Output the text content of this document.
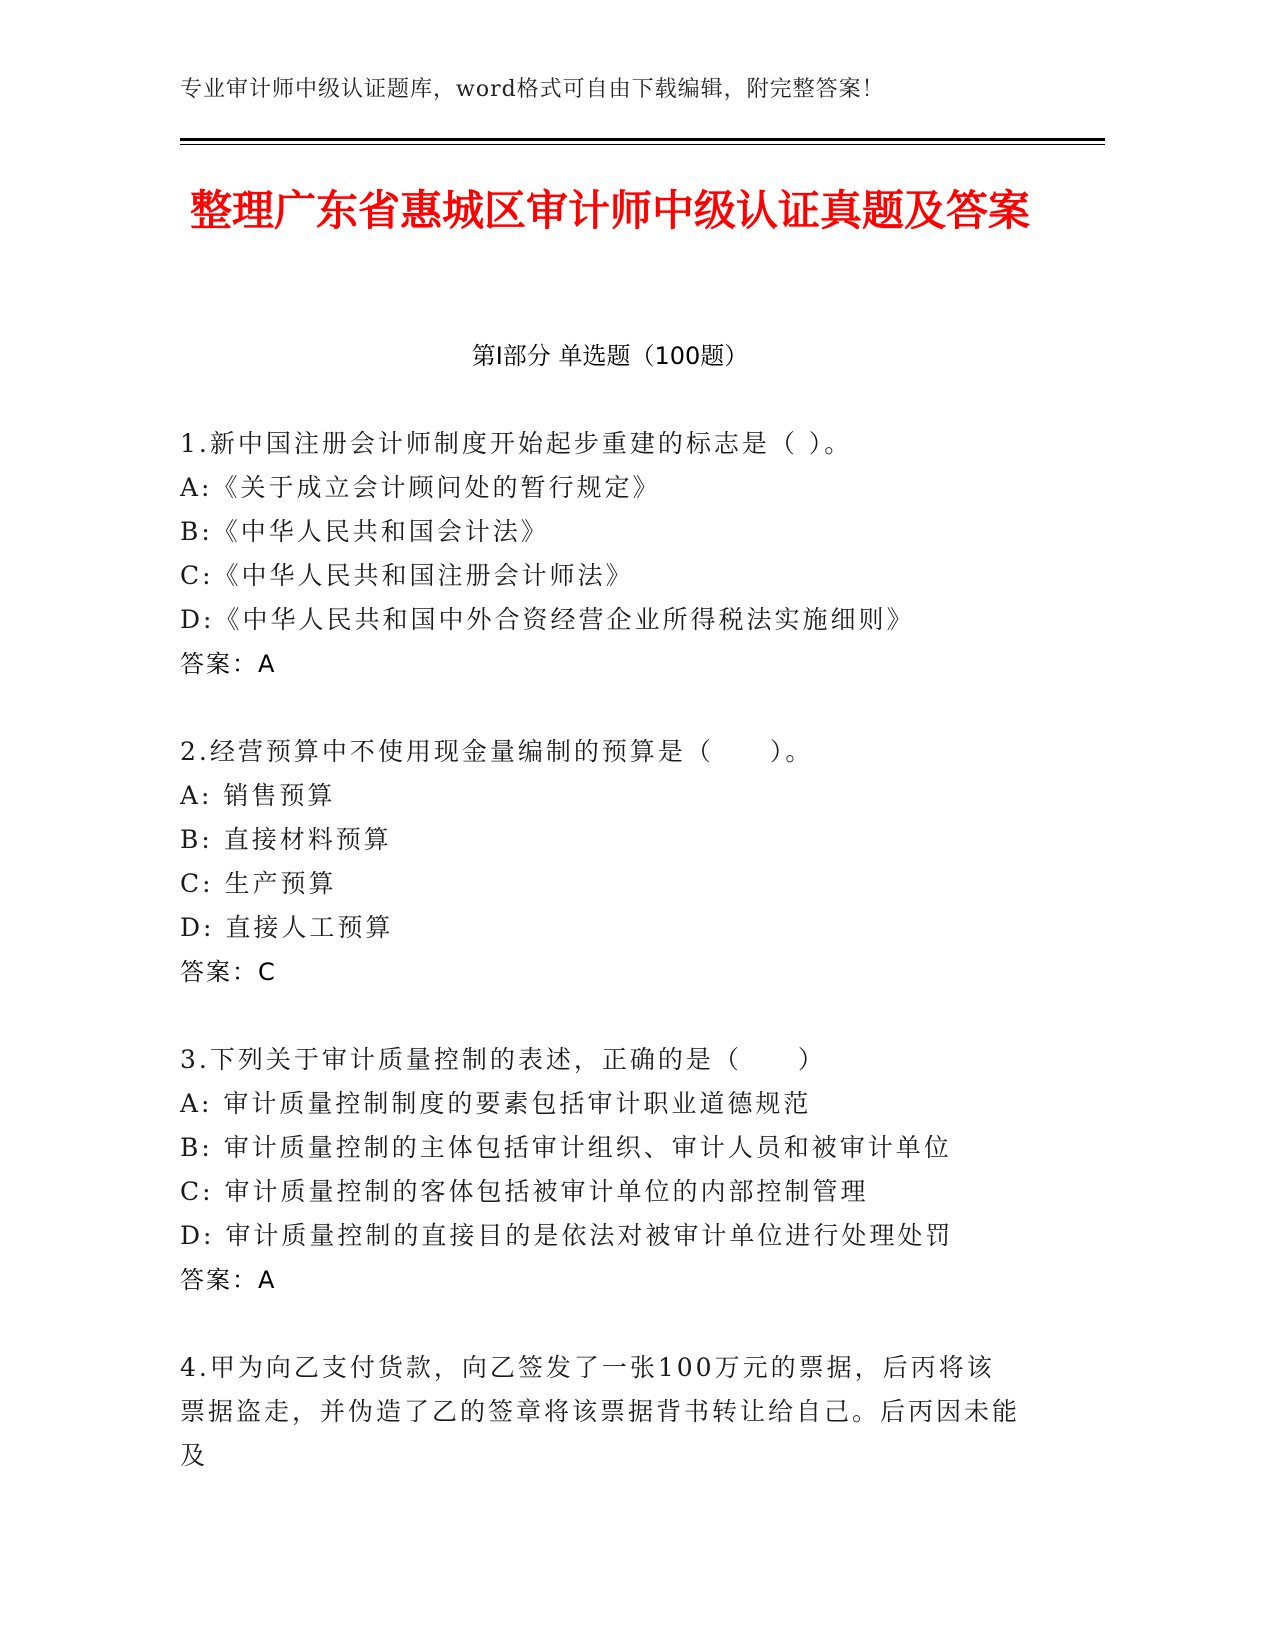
专业审计师中级认证题库，word格式可自由下载编辑，附完整答案！
整理广东省惠城区审计师中级认证真题及答案
第Ⅰ部分 单选题（100题）
1.新中国注册会计师制度开始起步重建的标志是（ ）。
A:《关于成立会计顾问处的暂行规定》
B:《中华人民共和国会计法》
C:《中华人民共和国注册会计师法》
D:《中华人民共和国中外合资经营企业所得税法实施细则》
答案：A
2.经营预算中不使用现金量编制的预算是（　　）。
A: 销售预算
B: 直接材料预算
C: 生产预算
D: 直接人工预算
答案：C
3.下列关于审计质量控制的表述，正确的是（　　）
A: 审计质量控制制度的要素包括审计职业道德规范
B: 审计质量控制的主体包括审计组织、审计人员和被审计单位
C: 审计质量控制的客体包括被审计单位的内部控制管理
D: 审计质量控制的直接目的是依法对被审计单位进行处理处罚
答案：A
4.甲为向乙支付货款，向乙签发了一张100万元的票据，后丙将该票据盗走，并伪造了乙的签章将该票据背书转让给自己。后丙因未能及
